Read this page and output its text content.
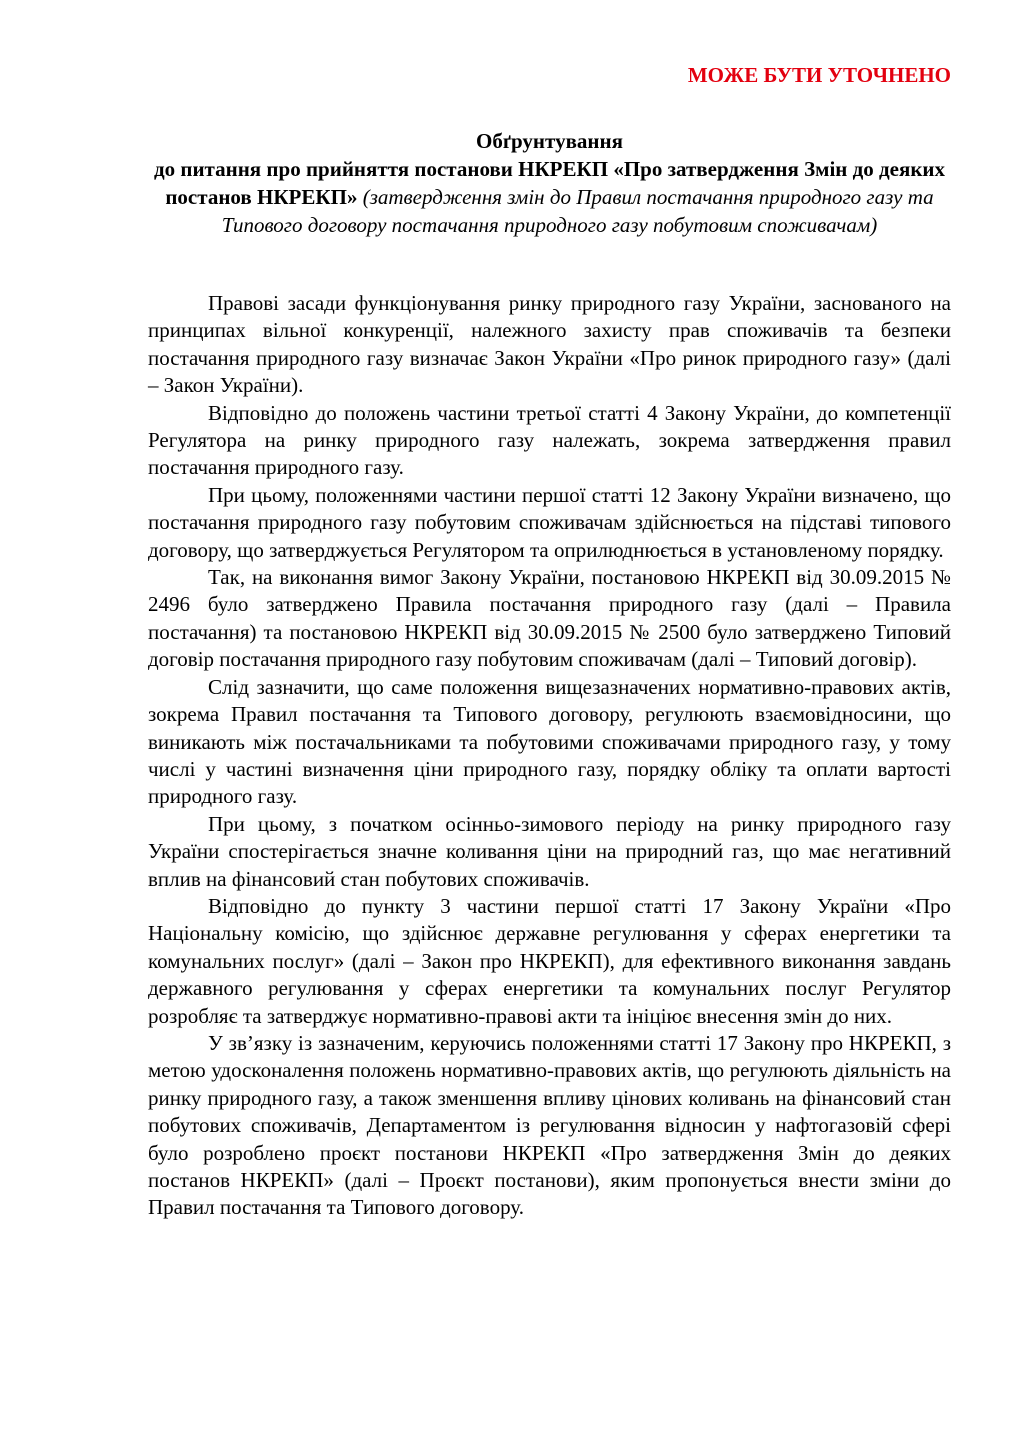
МОЖЕ БУТИ УТОЧНЕНО
Обґрунтування
до питання про прийняття постанови НКРЕКП «Про затвердження Змін до деяких постанов НКРЕКП» (затвердження змін до Правил постачання природного газу та Типового договору постачання природного газу побутовим споживачам)

Правові засади функціонування ринку природного газу України, заснованого на принципах вільної конкуренції, належного захисту прав споживачів та безпеки постачання природного газу визначає Закон України «Про ринок природного газу» (далі – Закон України).

Відповідно до положень частини третьої статті 4 Закону України, до компетенції Регулятора на ринку природного газу належать, зокрема затвердження правил постачання природного газу.

При цьому, положеннями частини першої статті 12 Закону України визначено, що постачання природного газу побутовим споживачам здійснюється на підставі типового договору, що затверджується Регулятором та оприлюднюється в установленому порядку.

Так, на виконання вимог Закону України, постановою НКРЕКП від 30.09.2015 № 2496 було затверджено Правила постачання природного газу (далі – Правила постачання) та постановою НКРЕКП від 30.09.2015 № 2500 було затверджено Типовий договір постачання природного газу побутовим споживачам (далі – Типовий договір).

Слід зазначити, що саме положення вищезазначених нормативно-правових актів, зокрема Правил постачання та Типового договору, регулюють взаємовідносини, що виникають між постачальниками та побутовими споживачами природного газу, у тому числі у частині визначення ціни природного газу, порядку обліку та оплати вартості природного газу.

При цьому, з початком осінньо-зимового періоду на ринку природного газу України спостерігається значне коливання ціни на природний газ, що має негативний вплив на фінансовий стан побутових споживачів.

Відповідно до пункту 3 частини першої статті 17 Закону України «Про Національну комісію, що здійснює державне регулювання у сферах енергетики та комунальних послуг» (далі – Закон про НКРЕКП), для ефективного виконання завдань державного регулювання у сферах енергетики та комунальних послуг Регулятор розробляє та затверджує нормативно-правові акти та ініціює внесення змін до них.

У зв’язку із зазначеним, керуючись положеннями статті 17 Закону про НКРЕКП, з метою удосконалення положень нормативно-правових актів, що регулюють діяльність на ринку природного газу, а також зменшення впливу цінових коливань на фінансовий стан побутових споживачів, Департаментом із регулювання відносин у нафтогазовій сфері було розроблено проєкт постанови НКРЕКП «Про затвердження Змін до деяких постанов НКРЕКП» (далі – Проєкт постанови), яким пропонується внести зміни до Правил постачання та Типового договору.
